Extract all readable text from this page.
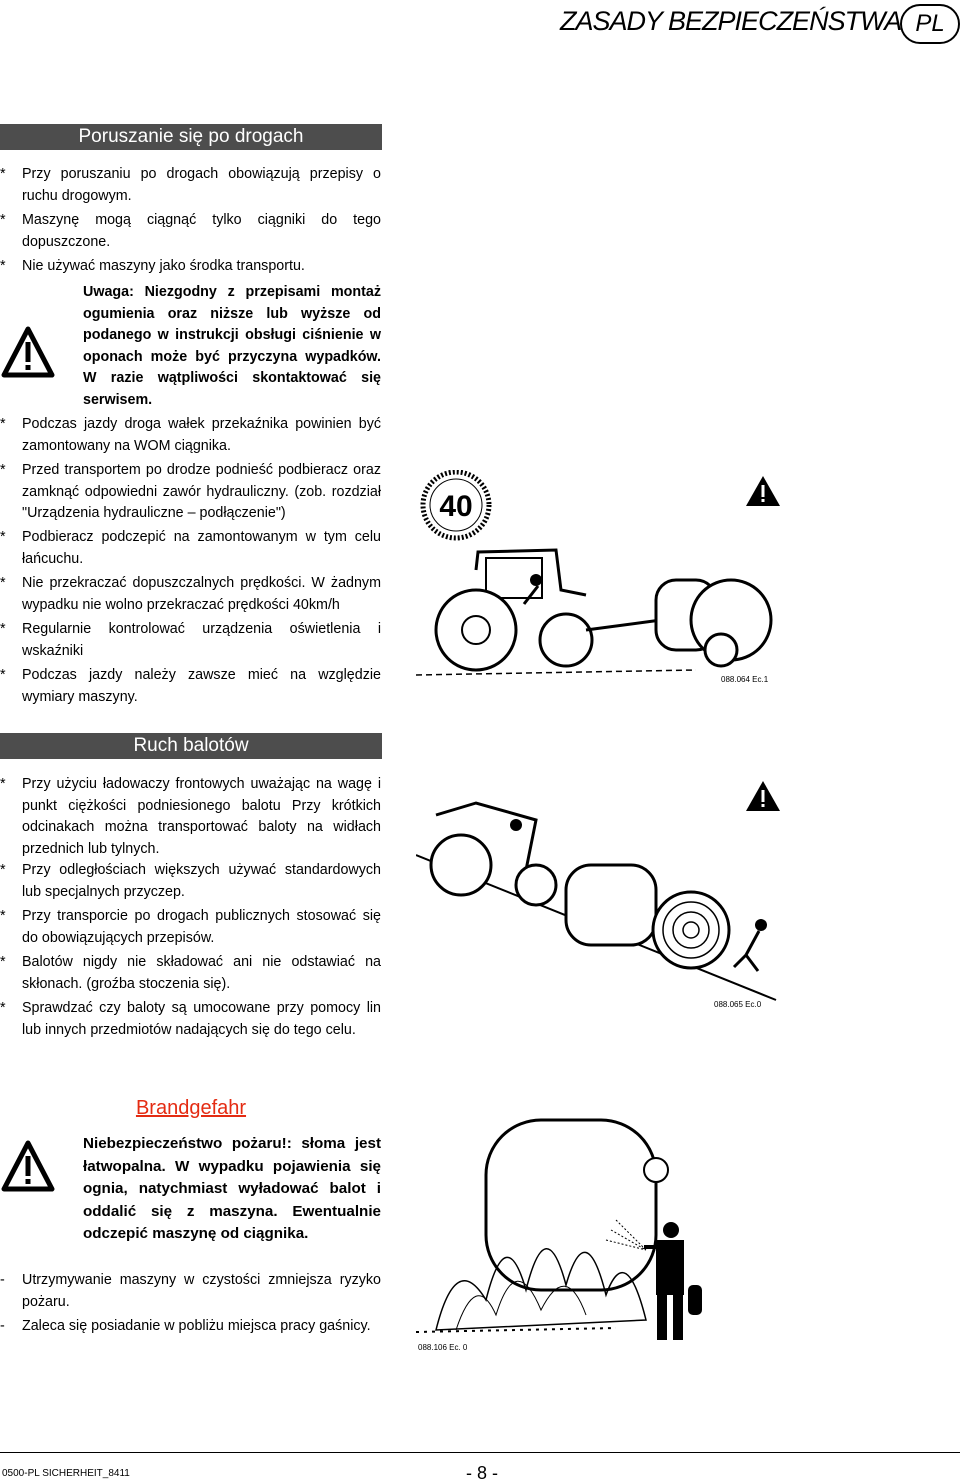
ZASADY BEZPIECZEŃSTWA PL
Poruszanie się po drogach
*	Przy poruszaniu po drogach obowiązują przepisy o ruchu drogowym.
*	Maszynę mogą ciągnąć tylko ciągniki do tego dopuszczone.
*	Nie używać maszyny jako środka transportu.
Uwaga: Niezgodny z przepisami montaż ogumienia oraz niższe lub wyższe od podanego w instrukcji obsługi ciśnienie w oponach może być przyczyna wypadków. W razie wątpliwości skontaktować się serwisem.
*	Podczas jazdy droga wałek przekaźnika powinien być zamontowany na WOM ciągnika.
*	Przed transportem po drodze podnieść podbieracz oraz zamknąć odpowiedni zawór hydrauliczny. (zob. rozdział "Urządzenia hydrauliczne – podłączenie")
*	Podbieracz podczepić na zamontowanym w tym celu łańcuchu.
*	Nie przekraczać dopuszczalnych prędkości. W żadnym wypadku nie wolno przekraczać prędkości 40km/h
*	Regularnie kontrolować urządzenia oświetlenia i wskaźniki
*	Podczas jazdy należy zawsze mieć na względzie wymiary maszyny.
40
088.064 Ec.1
Ruch balotów
*	Przy użyciu ładowaczy frontowych uważając na wagę i punkt ciężkości podniesionego balotu Przy krótkich odcinakach można transportować baloty na widłach przednich lub tylnych.
*	Przy odległościach większych używać standardowych lub specjalnych przyczep.
*	Przy transporcie po drogach publicznych stosować się do obowiązujących przepisów.
*	Balotów nigdy nie składować ani nie odstawiać na skłonach. (groźba stoczenia się).
*	Sprawdzać czy baloty są umocowane przy pomocy lin lub innych przedmiotów nadających się do tego celu.
088.065 Ec.0
Brandgefahr
Niebezpieczeństwo pożaru!: słoma jest łatwopalna. W wypadku pojawienia się ognia, natychmiast wyładować balot i oddalić się z maszyna. Ewentualnie odczepić maszynę od ciągnika.
-	Utrzymywanie maszyny w czystości zmniejsza ryzyko pożaru.
-	Zaleca się posiadanie w pobliżu miejsca pracy gaśnicy.
088.106 Ec. 0
0500-PL SICHERHEIT_8411	- 8 -
